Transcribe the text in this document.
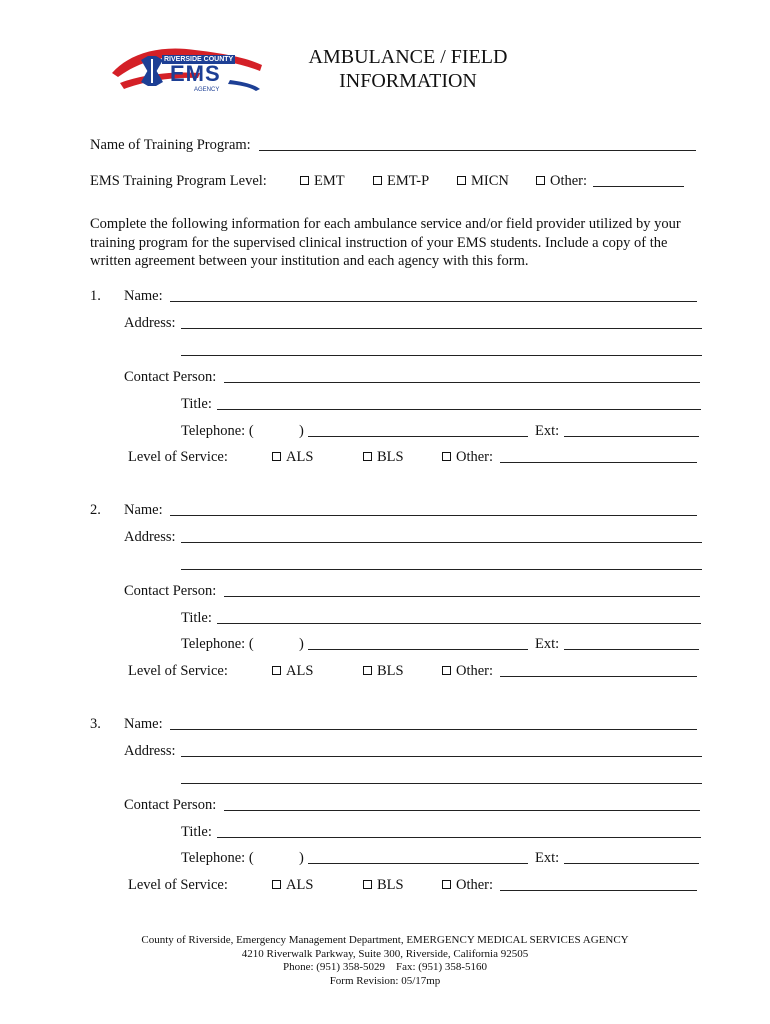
RIVERSIDE COUNTY
EMS
AGENCY
AMBULANCE / FIELD
INFORMATION
Name of Training Program:
EMS Training Program Level:	EMT	EMT-P	MICN	Other:
Complete the following information for each ambulance service and/or field provider utilized by your training program for the supervised clinical instruction of your EMS students. Include a copy of the written agreement between your institution and each agency with this form.
1. Name:
Address:
Contact Person:
Title:
Telephone: (	)	Ext:
Level of Service:	ALS	BLS	Other:
2. Name:
Address:
Contact Person:
Title:
Telephone: (	)	Ext:
Level of Service:	ALS	BLS	Other:
3. Name:
Address:
Contact Person:
Title:
Telephone: (	)	Ext:
Level of Service:	ALS	BLS	Other:
County of Riverside, Emergency Management Department, EMERGENCY MEDICAL SERVICES AGENCY
4210 Riverwalk Parkway, Suite 300, Riverside, California 92505
Phone: (951) 358-5029    Fax: (951) 358-5160
Form Revision: 05/17mp
